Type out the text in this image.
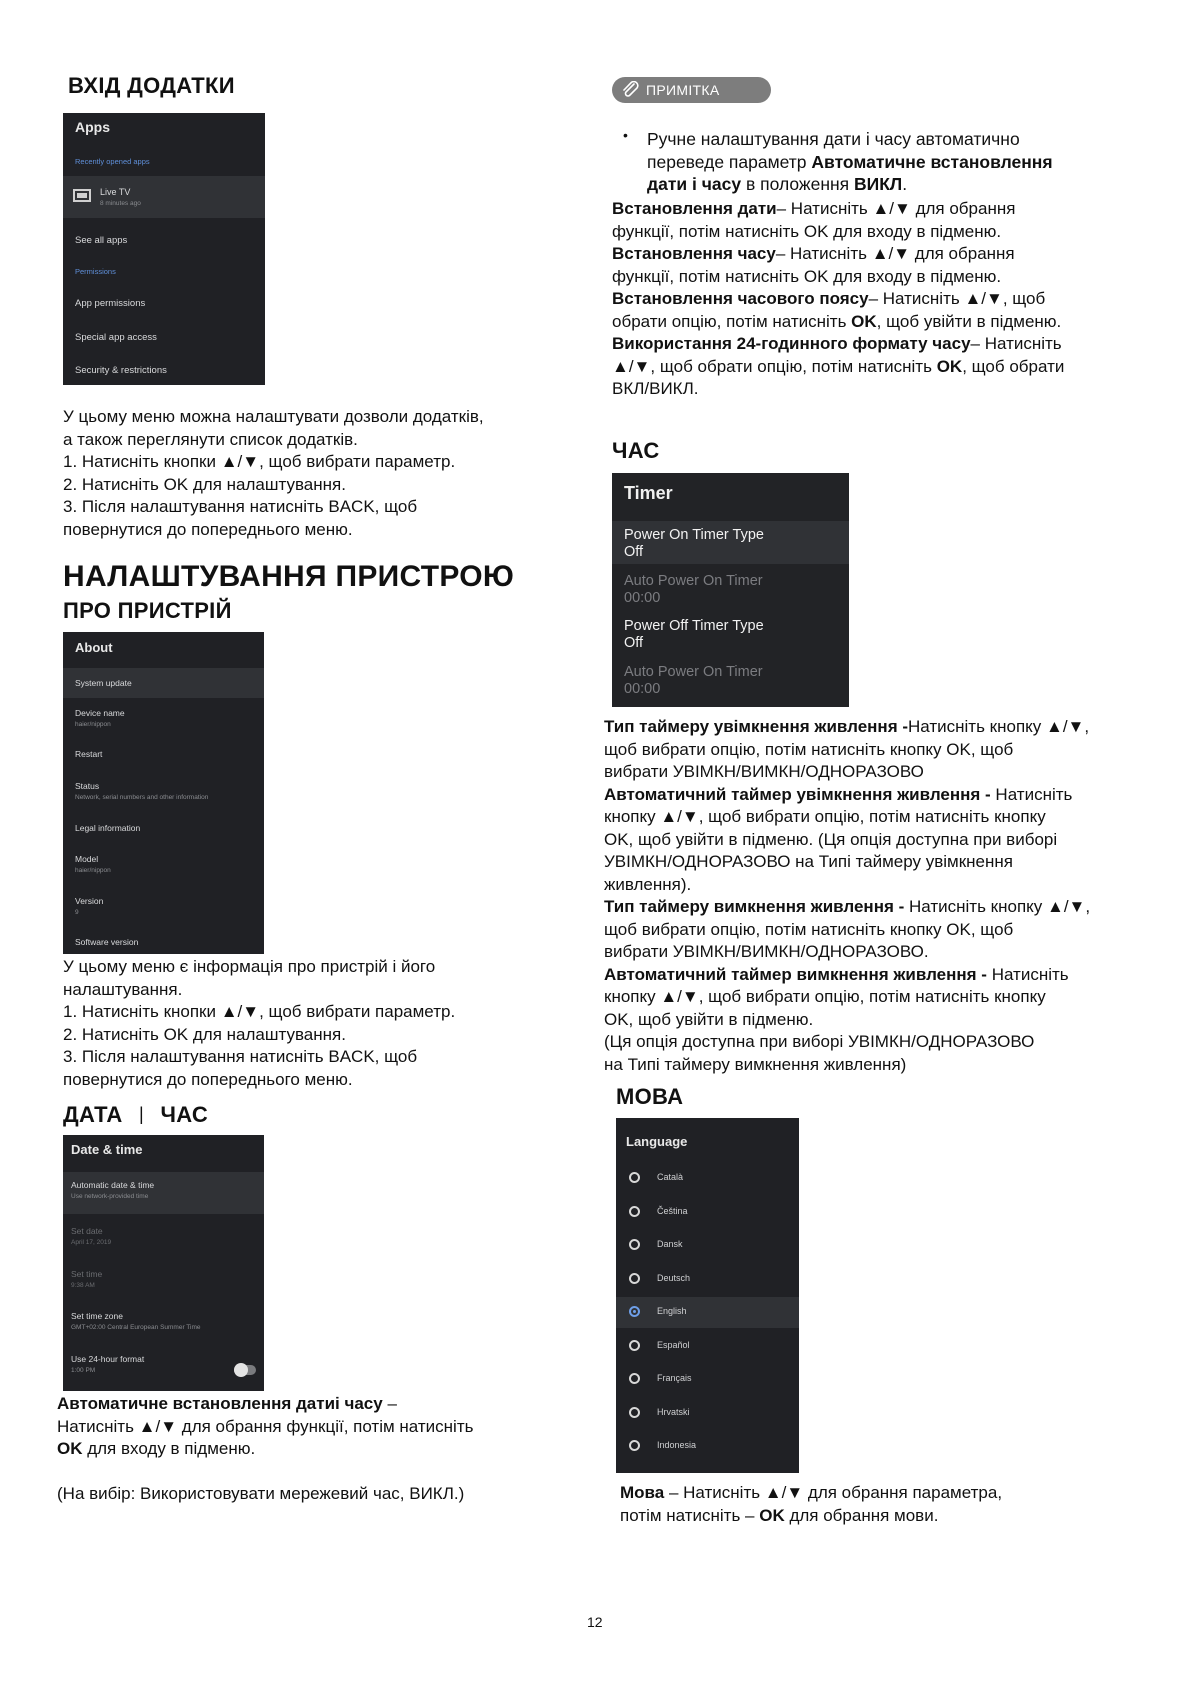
ВХІД ДОДАТКИ
Apps
Recently opened apps
Live TV
8 minutes ago
See all apps
Permissions
App permissions
Special app access
Security & restrictions

У цьому меню можна налаштувати дозволи додатків,

а також переглянути список додатків.

1. Натисніть кнопки ▲/▼, щоб вибрати параметр.

2. Натисніть OK для налаштування.

3. Після налаштування натисніть BACK, щоб

повернутися до попереднього меню.

НАЛАШТУВАННЯ ПРИСТРОЮ
ПРО ПРИСТРІЙ
About
System update
Device name
haier/nippon
Restart
Status
Network, serial numbers and other information
Legal information
Model
haier/nippon
Version
9
Software version

У цьому меню є інформація про пристрій і його

налаштування.

1. Натисніть кнопки ▲/▼, щоб вибрати параметр.

2. Натисніть OK для налаштування.

3. Після налаштування натисніть BACK, щоб

повернутися до попереднього меню.

ДАТА | ЧАС
Date & time
Automatic date & time
Use network-provided time
Set date
April 17, 2019
Set time
9:38 AM
Set time zone
GMT+02:00 Central European Summer Time
Use 24-hour format
1:00 PM

Автоматичне встановлення датиі часу –

Натисніть ▲/▼ для обрання функції, потім натисніть

OK для входу в підменю.

(На вибір: Використовувати мережевий час, ВИКЛ.)
ПРИМІТКА
•	Ручне налаштування дати і часу автоматично

переведе параметр Автоматичне встановлення

дати і часу в положення ВИКЛ.

Встановлення дати– Натисніть ▲/▼ для обрання

функції, потім натисніть OK для входу в підменю.

Встановлення часу– Натисніть ▲/▼ для обрання

функції, потім натисніть OK для входу в підменю.

Встановлення часового поясу– Натисніть ▲/▼, щоб

обрати опцію, потім натисніть OK, щоб увійти в підменю.

Використання 24-годинного формату часу– Натисніть

▲/▼, щоб обрати опцію, потім натисніть OK, щоб обрати

ВКЛ/ВИКЛ.

ЧАС
Timer
Power On Timer Type
Off
Auto Power On Timer
00:00
Power Off Timer Type
Off
Auto Power On Timer
00:00

Тип таймеру увімкнення живлення -Натисніть кнопку ▲/▼,

щоб вибрати опцію, потім натисніть кнопку OK, щоб

вибрати УВІМКН/ВИМКН/ОДНОРАЗОВО

Автоматичний таймер увімкнення живлення - Натисніть

кнопку ▲/▼, щоб вибрати опцію, потім натисніть кнопку

OK, щоб увійти в підменю. (Ця опція доступна при виборі

УВІМКН/ОДНОРАЗОВО на Типі таймеру увімкнення

живлення).

Тип таймеру вимкнення живлення - Натисніть кнопку ▲/▼,

щоб вибрати опцію, потім натисніть кнопку OK, щоб

вибрати УВІМКН/ВИМКН/ОДНОРАЗОВО.

Автоматичний таймер вимкнення живлення - Натисніть

кнопку ▲/▼, щоб вибрати опцію, потім натисніть кнопку

OK, щоб увійти в підменю.

(Ця опція доступна при виборі УВІМКН/ОДНОРАЗОВО

на Типі таймеру вимкнення живлення)

МОВА
Language
Català
Čeština
Dansk
Deutsch
English
Español
Français
Hrvatski
Indonesia

Мова – Натисніть ▲/▼ для обрання параметра,

потім натисніть – OK для обрання мови.

12
